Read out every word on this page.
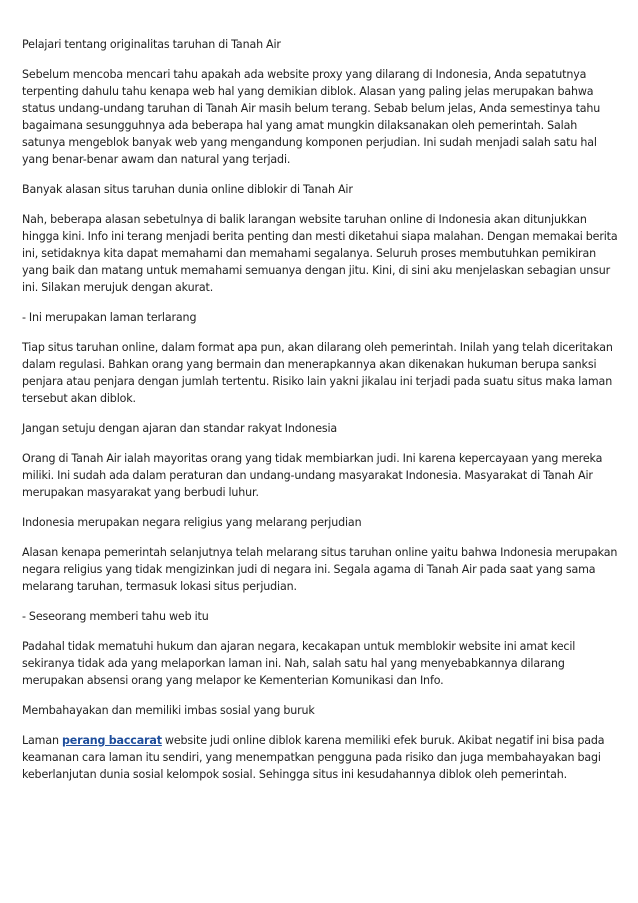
Pelajari tentang originalitas taruhan di Tanah Air

Sebelum mencoba mencari tahu apakah ada website proxy yang dilarang di Indonesia, Anda sepatutnya terpenting dahulu tahu kenapa web hal yang demikian diblok. Alasan yang paling jelas merupakan bahwa status undang-undang taruhan di Tanah Air masih belum terang. Sebab belum jelas, Anda semestinya tahu bagaimana sesungguhnya ada beberapa hal yang amat mungkin dilaksanakan oleh pemerintah. Salah satunya mengeblok banyak web yang mengandung komponen perjudian. Ini sudah menjadi salah satu hal yang benar-benar awam dan natural yang terjadi.

Banyak alasan situs taruhan dunia online diblokir di Tanah Air

Nah, beberapa alasan sebetulnya di balik larangan website taruhan online di Indonesia akan ditunjukkan hingga kini. Info ini terang menjadi berita penting dan mesti diketahui siapa malahan. Dengan memakai berita ini, setidaknya kita dapat memahami dan memahami segalanya. Seluruh proses membutuhkan pemikiran yang baik dan matang untuk memahami semuanya dengan jitu. Kini, di sini aku menjelaskan sebagian unsur ini. Silakan merujuk dengan akurat.

- Ini merupakan laman terlarang

Tiap situs taruhan online, dalam format apa pun, akan dilarang oleh pemerintah. Inilah yang telah diceritakan dalam regulasi. Bahkan orang yang bermain dan menerapkannya akan dikenakan hukuman berupa sanksi penjara atau penjara dengan jumlah tertentu. Risiko lain yakni jikalau ini terjadi pada suatu situs maka laman tersebut akan diblok.

Jangan setuju dengan ajaran dan standar rakyat Indonesia

Orang di Tanah Air ialah mayoritas orang yang tidak membiarkan judi. Ini karena kepercayaan yang mereka miliki. Ini sudah ada dalam peraturan dan undang-undang masyarakat Indonesia. Masyarakat di Tanah Air merupakan masyarakat yang berbudi luhur.

Indonesia merupakan negara religius yang melarang perjudian

Alasan kenapa pemerintah selanjutnya telah melarang situs taruhan online yaitu bahwa Indonesia merupakan negara religius yang tidak mengizinkan judi di negara ini. Segala agama di Tanah Air pada saat yang sama melarang taruhan, termasuk lokasi situs perjudian.

- Seseorang memberi tahu web itu

Padahal tidak mematuhi hukum dan ajaran negara, kecakapan untuk memblokir website ini amat kecil sekiranya tidak ada yang melaporkan laman ini. Nah, salah satu hal yang menyebabkannya dilarang merupakan absensi orang yang melapor ke Kementerian Komunikasi dan Info.

Membahayakan dan memiliki imbas sosial yang buruk

Laman perang baccarat website judi online diblok karena memiliki efek buruk. Akibat negatif ini bisa pada keamanan cara laman itu sendiri, yang menempatkan pengguna pada risiko dan juga membahayakan bagi keberlanjutan dunia sosial kelompok sosial. Sehingga situs ini kesudahannya diblok oleh pemerintah.
